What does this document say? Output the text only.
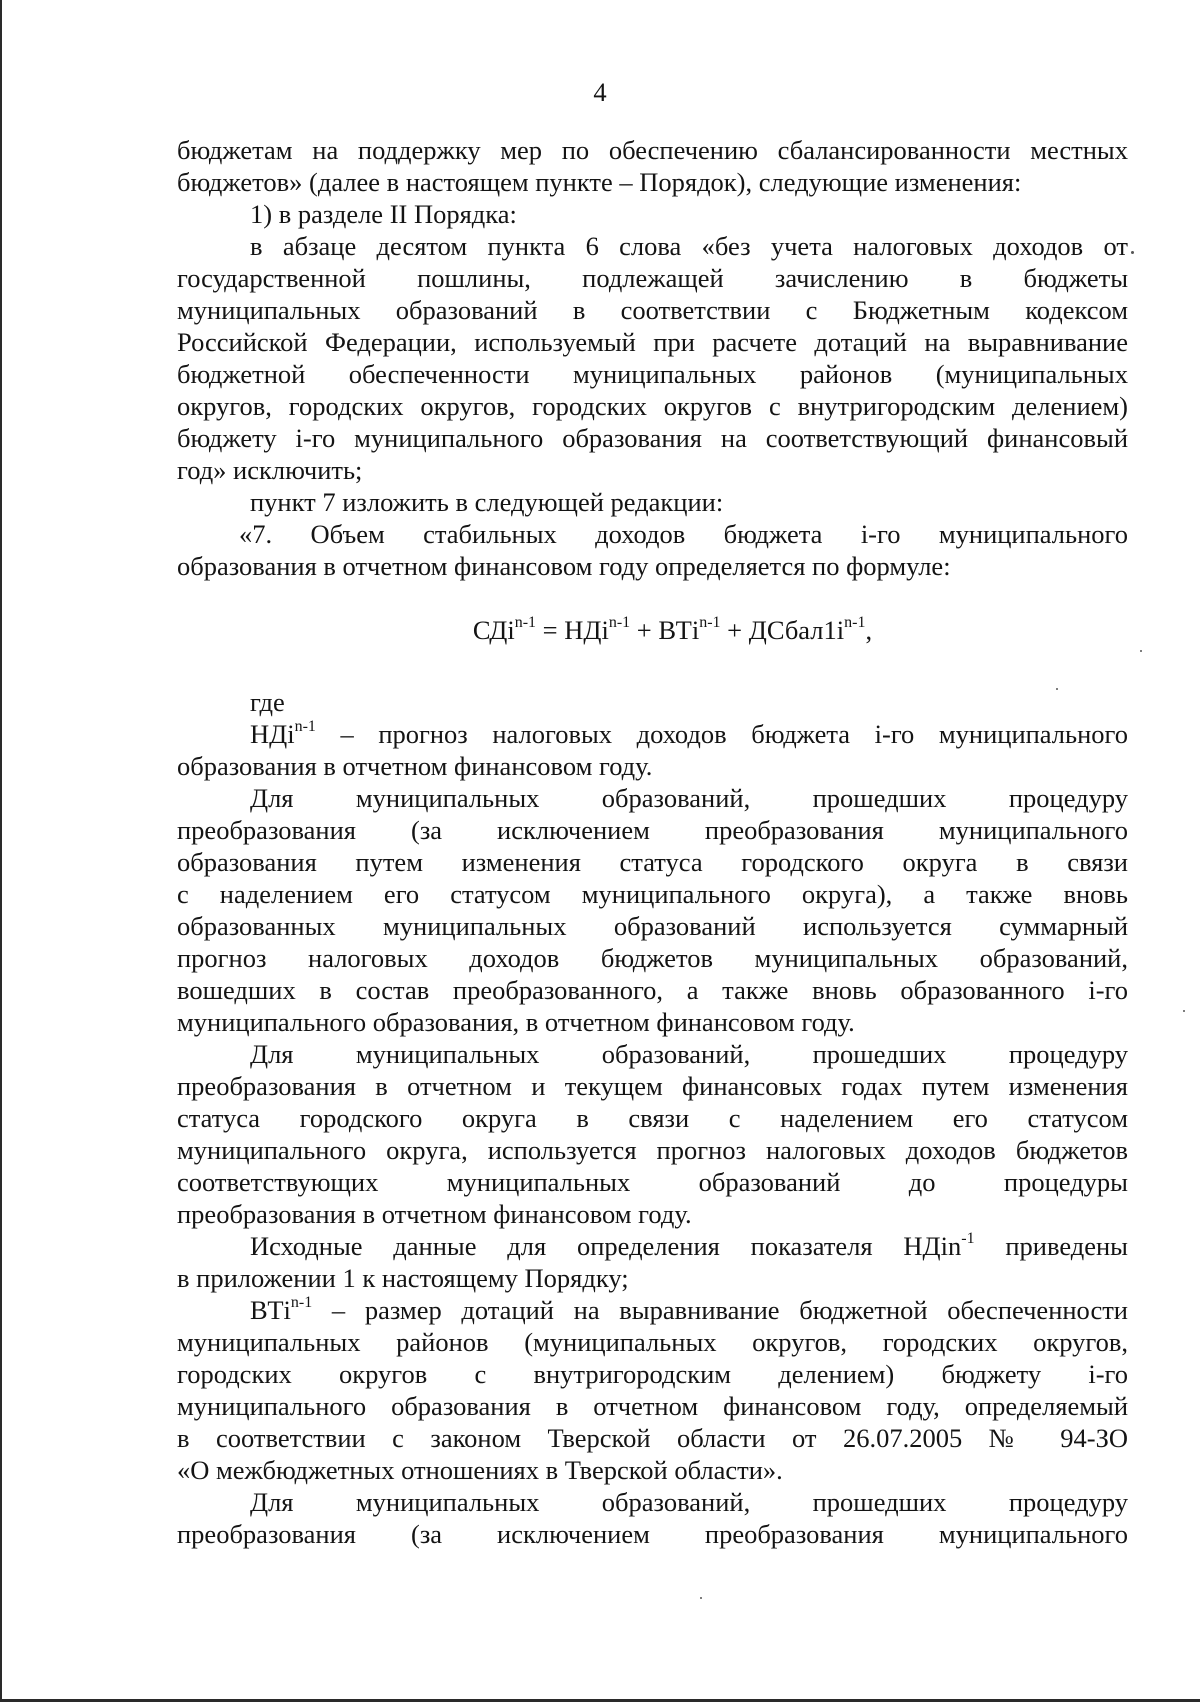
4
бюджетам на поддержку мер по обеспечению сбалансированности местных
бюджетов» (далее в настоящем пункте – Порядок), следующие изменения:
1) в разделе II Порядка:
в абзаце десятом пункта 6 слова «без учета налоговых доходов от
государственной пошлины, подлежащей зачислению в бюджеты
муниципальных образований в соответствии с Бюджетным кодексом
Российской Федерации, используемый при расчете дотаций на выравнивание
бюджетной обеспеченности муниципальных районов (муниципальных
округов, городских округов, городских округов с внутригородским делением)
бюджету i-го муниципального образования на соответствующий финансовый
год» исключить;
пункт 7 изложить в следующей редакции:
«7. Объем стабильных доходов бюджета i-го муниципального
образования в отчетном финансовом году определяется по формуле:
$СДi^{n-1} = НДi^{n-1} + ВТi^{n-1} + ДСбал1i^{n-1}$,
где
НДi$^{n-1}$ – прогноз налоговых доходов бюджета i-го муниципального
образования в отчетном финансовом году.
Для муниципальных образований, прошедших процедуру
преобразования (за исключением преобразования муниципального
образования путем изменения статуса городского округа в связи
с наделением его статусом муниципального округа), а также вновь
образованных муниципальных образований используется суммарный
прогноз налоговых доходов бюджетов муниципальных образований,
вошедших в состав преобразованного, а также вновь образованного i-го
муниципального образования, в отчетном финансовом году.
Для муниципальных образований, прошедших процедуру
преобразования в отчетном и текущем финансовых годах путем изменения
статуса городского округа в связи с наделением его статусом
муниципального округа, используется прогноз налоговых доходов бюджетов
соответствующих муниципальных образований до процедуры
преобразования в отчетном финансовом году.
Исходные данные для определения показателя НДin$^{-1}$ приведены
в приложении 1 к настоящему Порядку;
ВТi$^{n-1}$ – размер дотаций на выравнивание бюджетной обеспеченности
муниципальных районов (муниципальных округов, городских округов,
городских округов с внутригородским делением) бюджету i-го
муниципального образования в отчетном финансовом году, определяемый
в соответствии с законом Тверской области от 26.07.2005 № 94-ЗО
«О межбюджетных отношениях в Тверской области».
Для муниципальных образований, прошедших процедуру
преобразования (за исключением преобразования муниципального
